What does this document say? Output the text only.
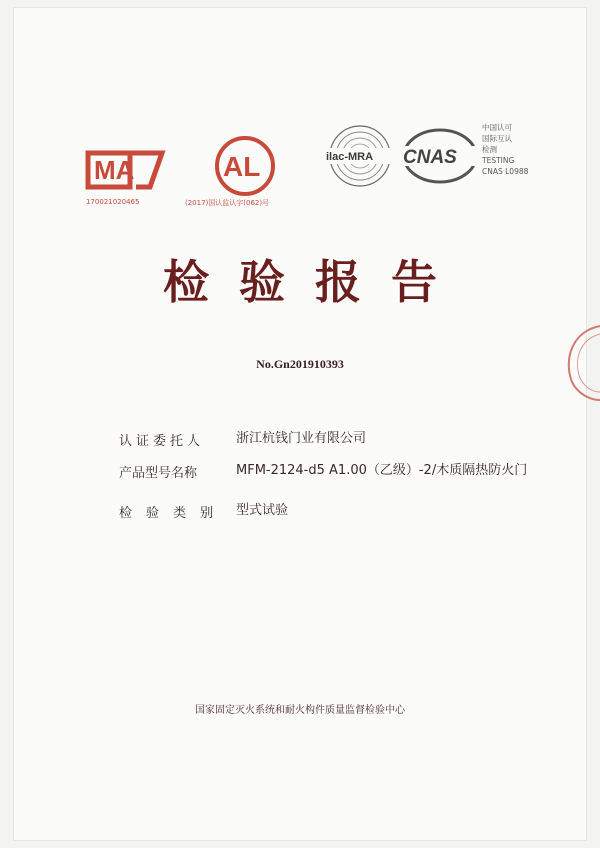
MA
170021020465
AL
(2017)国认监认字(062)号
ilac-MRA CNAS
中国认可
国际互认
检测
TESTING
CNAS L0988
检验报告
No.Gn201910393
认证委托人 浙江杭钱门业有限公司
产品型号名称	MFM-2124-d5 A1.00（乙级）-2/木质隔热防火门
检验类别 型式试验
国家固定灭火系统和耐火构件质量监督检验中心
